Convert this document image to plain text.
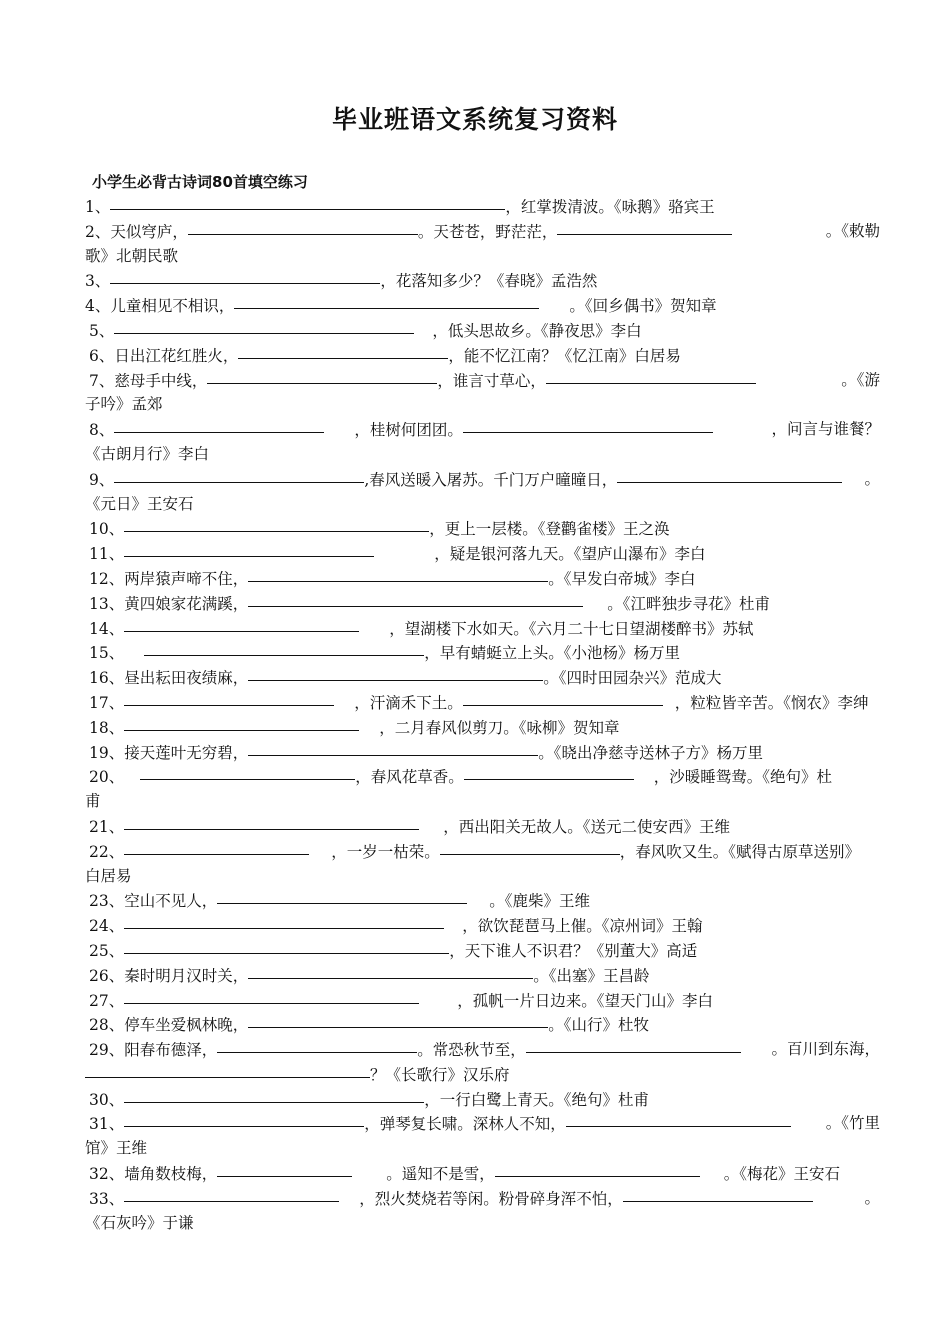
毕业班语文系统复习资料
小学生必背古诗词80首填空练习
1、	，红掌拨清波。《咏鹅》骆宾王
2、天似穹庐，	。天苍苍，野茫茫，	。《敕勒
歌》北朝民歌
3、	，花落知多少？《春晓》孟浩然
4、儿童相见不相识，	。《回乡偶书》贺知章
5、	，低头思故乡。《静夜思》李白
6、日出江花红胜火，	，能不忆江南？《忆江南》白居易
7、慈母手中线，	，谁言寸草心，	。《游
子吟》孟郊
8、	，桂树何团团。	，问言与谁餐？
《古朗月行》李白
9、	,春风送暖入屠苏。千门万户曈曈日，	。
《元日》王安石
10、	，更上一层楼。《登鹳雀楼》王之涣
11、	，疑是银河落九天。《望庐山瀑布》李白
12、两岸猿声啼不住，	。《早发白帝城》李白
13、黄四娘家花满蹊，	。《江畔独步寻花》杜甫
14、	，望湖楼下水如天。《六月二十七日望湖楼醉书》苏轼
15、	，早有蜻蜓立上头。《小池杨》杨万里
16、昼出耘田夜绩麻，	。《四时田园杂兴》范成大
17、	，汗滴禾下土。	，粒粒皆辛苦。《悯农》李绅
18、	，二月春风似剪刀。《咏柳》贺知章
19、接天莲叶无穷碧，	。《晓出净慈寺送林子方》杨万里
20、	，春风花草香。	，沙暖睡鸳鸯。《绝句》杜
甫
21、	，西出阳关无故人。《送元二使安西》王维
22、	，一岁一枯荣。	，春风吹又生。《赋得古原草送别》
白居易
23、空山不见人，	。《鹿柴》王维
24、	，欲饮琵琶马上催。《凉州词》王翰
25、	，天下谁人不识君？《别董大》高适
26、秦时明月汉时关，	。《出塞》王昌龄
27、	，孤帆一片日边来。《望天门山》李白
28、停车坐爱枫林晚，	。《山行》杜牧
29、阳春布德泽，	。常恐秋节至，	。百川到东海，
？《长歌行》汉乐府
30、	，一行白鹭上青天。《绝句》杜甫
31、	，弹琴复长啸。深林人不知，	。《竹里
馆》王维
32、墙角数枝梅，	。遥知不是雪，	。《梅花》王安石
33、	，烈火焚烧若等闲。粉骨碎身浑不怕，	。
《石灰吟》于谦
